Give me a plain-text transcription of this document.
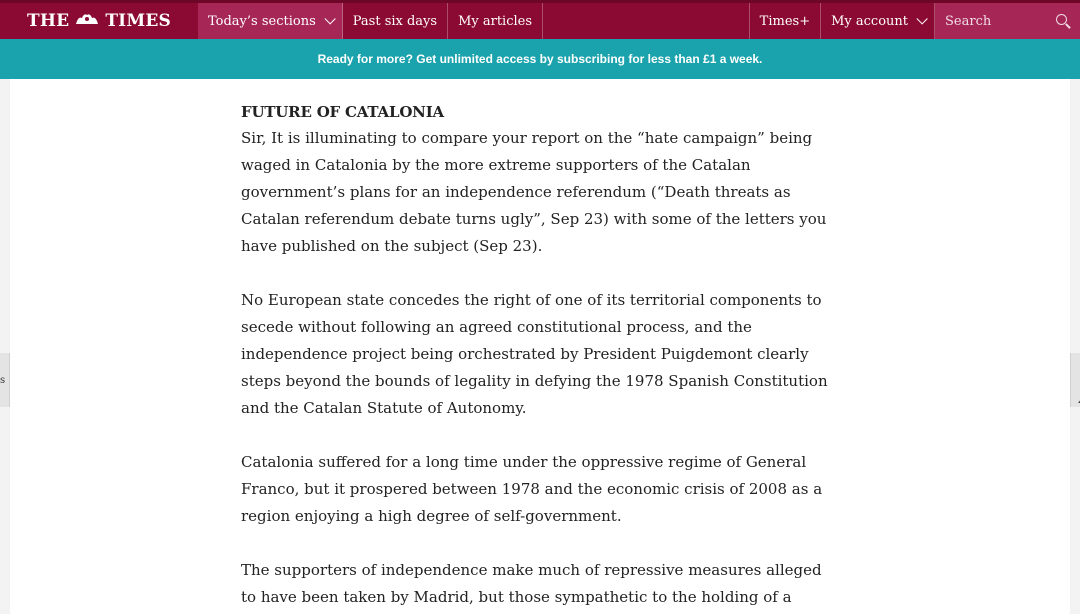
THE TIMES	Today’s sections	Past six days My articles	Times+ My account	Search
Ready for more? Get unlimited access by subscribing for less than £1 a week.
FUTURE OF CATALONIA

Sir, It is illuminating to compare your report on the “hate campaign” being waged in Catalonia by the more extreme supporters of the Catalan government’s plans for an independence referendum (“Death threats as Catalan referendum debate turns ugly”, Sep 23) with some of the letters you have published on the subject (Sep 23).

No European state concedes the right of one of its territorial components to secede without following an agreed constitutional process, and the independence project being orchestrated by President Puigdemont clearly steps beyond the bounds of legality in defying the 1978 Spanish Constitution and the Catalan Statute of Autonomy.

Catalonia suffered for a long time under the oppressive regime of General Franco, but it prospered between 1978 and the economic crisis of 2008 as a region enjoying a high degree of self-government.

The supporters of independence make much of repressive measures alleged to have been taken by Madrid, but those sympathetic to the holding of a

s
